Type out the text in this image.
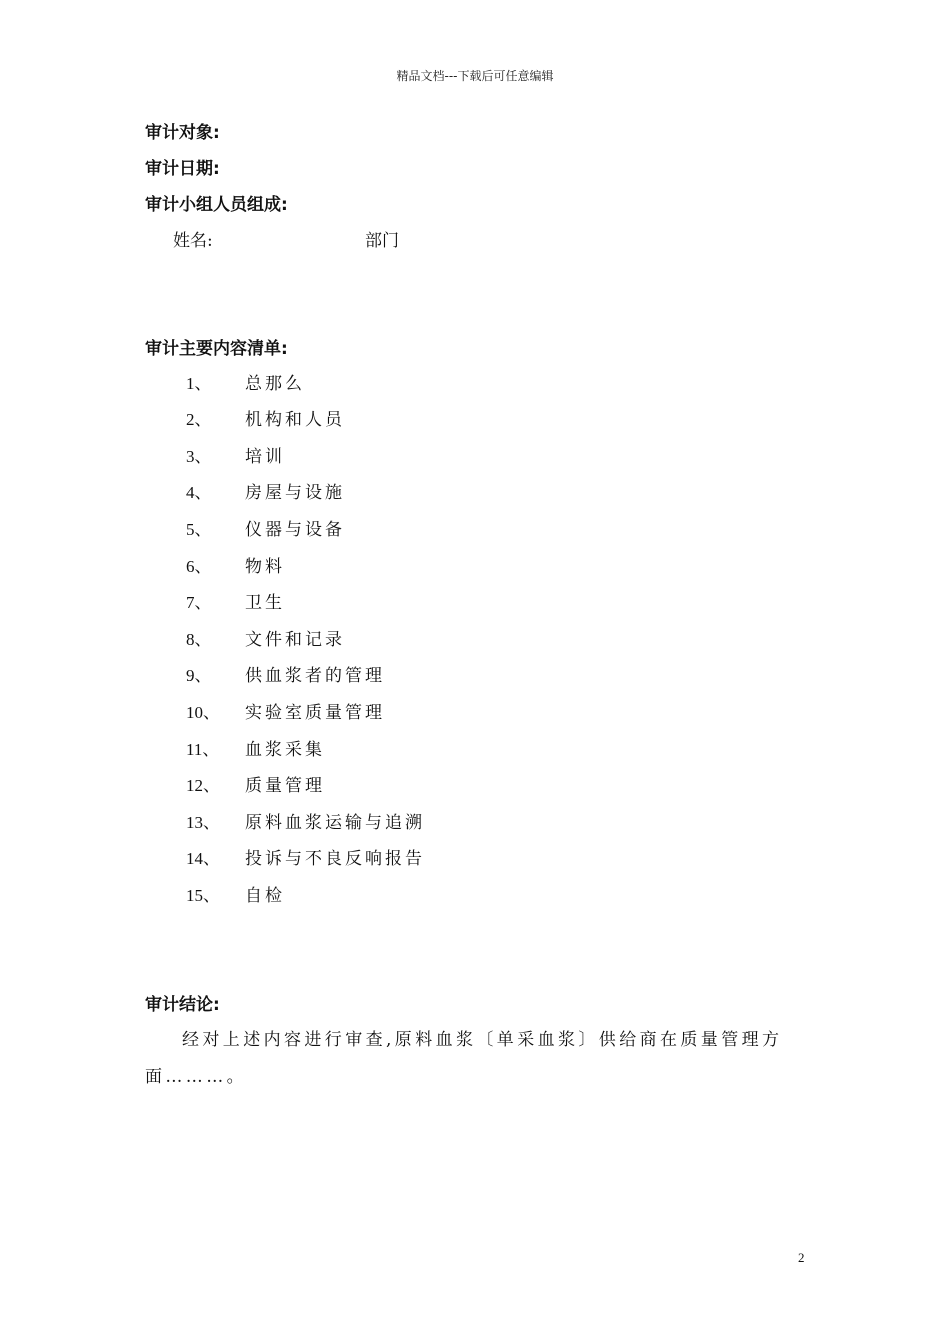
精品文档---下载后可任意编辑
审计对象:
审计日期:
审计小组人员组成:
姓名:	部门
审计主要内容清单:
1、 总那么
2、 机构和人员
3、 培训
4、 房屋与设施
5、 仪器与设备
6、 物料
7、 卫生
8、 文件和记录
9、 供血浆者的管理
10、 实验室质量管理
11、 血浆采集
12、 质量管理
13、 原料血浆运输与追溯
14、 投诉与不良反响报告
15、 自检
审计结论:
经对上述内容进行审查,原料血浆〔单采血浆〕供给商在质量管理方
面………。
2
